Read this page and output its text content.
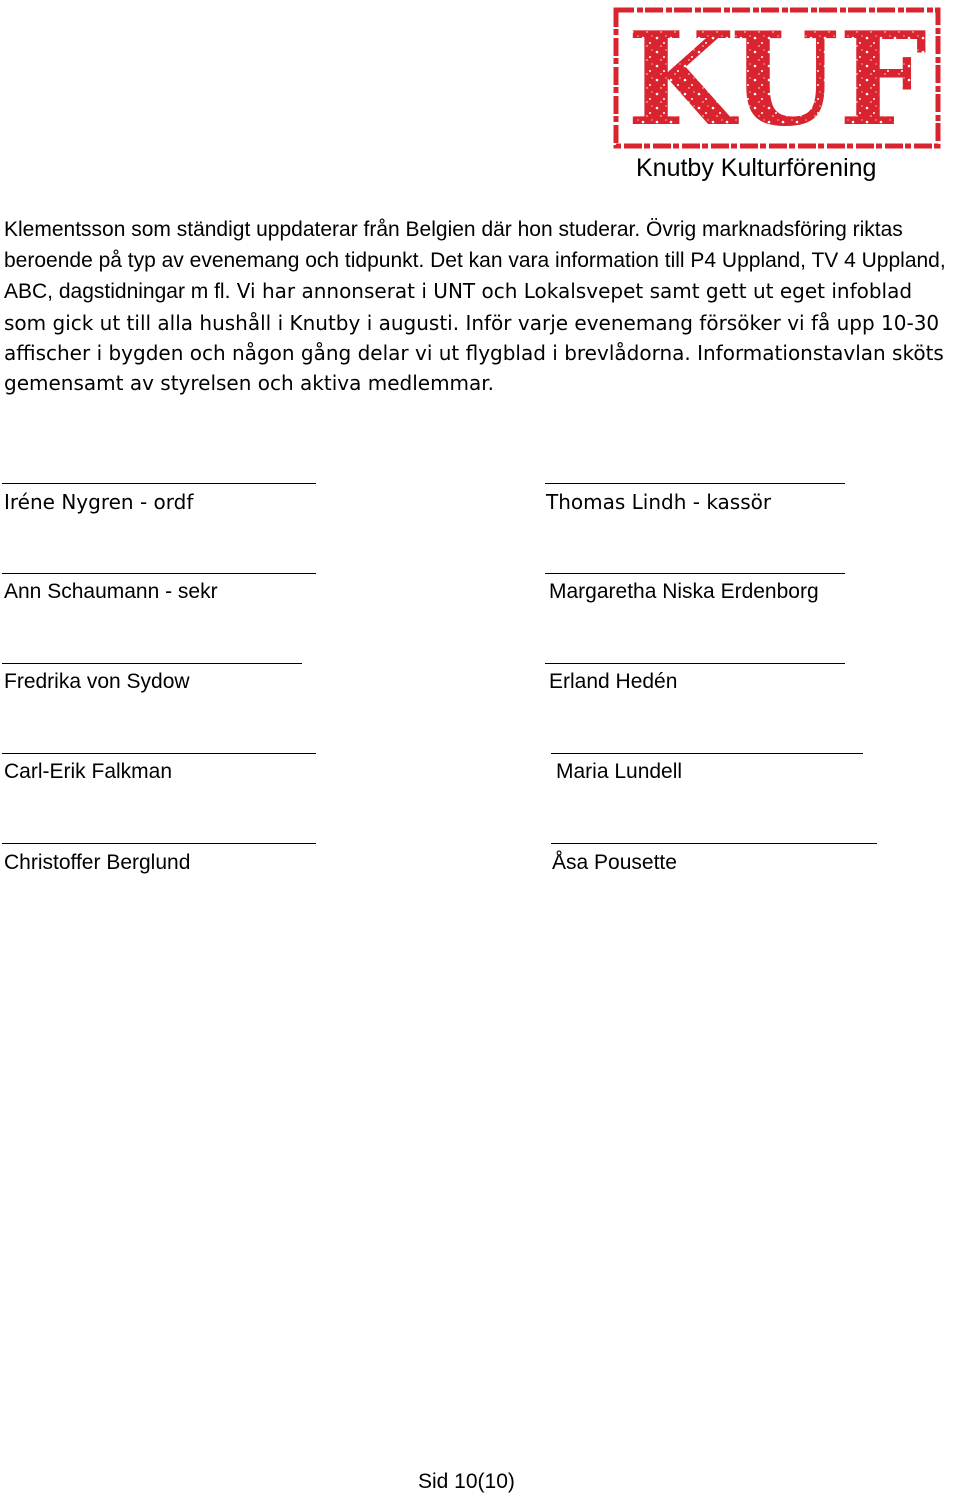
KUF
Knutby Kulturförening
Klementsson som ständigt uppdaterar från Belgien där hon studerar. Övrig marknadsföring riktas beroende på typ av evenemang och tidpunkt. Det kan vara information till P4 Uppland, TV 4 Uppland, ABC, dagstidningar m fl. Vi har annonserat i UNT och Lokalsvepet samt gett ut eget infoblad som gick ut till alla hushåll i Knutby i augusti. Inför varje evenemang försöker vi få upp 10-30 affischer i bygden och någon gång delar vi ut flygblad i brevlådorna. Informationstavlan sköts gemensamt av styrelsen och aktiva medlemmar.
Iréne Nygren - ordf
Ann Schaumann - sekr
Fredrika von Sydow
Carl-Erik Falkman
Christoffer Berglund
Thomas Lindh - kassör
Margaretha Niska Erdenborg
Erland Hedén
Maria Lundell
Åsa Pousette
Sid 10(10)
